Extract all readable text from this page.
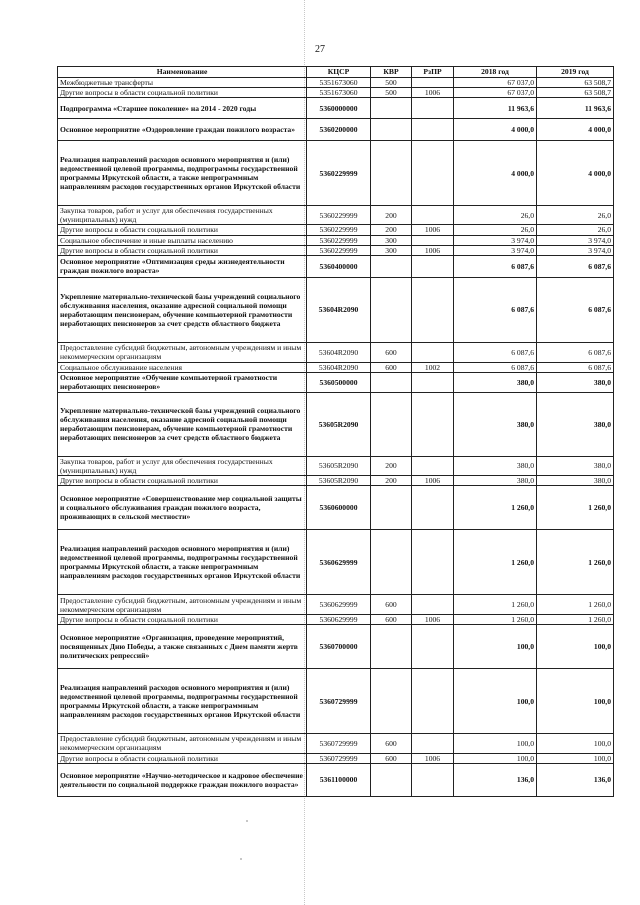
27
Наименование	КЦСР	КВР	РзПР	2018 год	2019 год
Межбюджетные трансферты	5351673060	500		67 037,0	63 508,7
Другие вопросы в области социальной политики	5351673060	500	1006	67 037,0	63 508,7
Подпрограмма «Старшее поколение» на 2014 - 2020 годы	5360000000			11 963,6	11 963,6
Основное мероприятие «Оздоровление граждан пожилого возраста»	5360200000			4 000,0	4 000,0
Реализация направлений расходов основного мероприятия и (или) ведомственной целевой программы, подпрограммы государственной программы Иркутской области, а также непрограммным направлениям расходов государственных органов Иркутской области	5360229999			4 000,0	4 000,0
Закупка товаров, работ и услуг для обеспечения государственных (муниципальных) нужд	5360229999	200		26,0	26,0
Другие вопросы в области социальной политики	5360229999	200	1006	26,0	26,0
Социальное обеспечение и иные выплаты населению	5360229999	300		3 974,0	3 974,0
Другие вопросы в области социальной политики	5360229999	300	1006	3 974,0	3 974,0
Основное мероприятие «Оптимизация среды жизнедеятельности граждан пожилого возраста»	5360400000			6 087,6	6 087,6
Укрепление материально-технической базы учреждений социального обслуживания населения, оказание адресной социальной помощи неработающим пенсионерам, обучение компьютерной грамотности неработающих пенсионеров за счет средств областного бюджета	53604R2090			6 087,6	6 087,6
Предоставление субсидий бюджетным, автономным учреждениям и иным некоммерческим организациям	53604R2090	600		6 087,6	6 087,6
Социальное обслуживание населения	53604R2090	600	1002	6 087,6	6 087,6
Основное мероприятие «Обучение компьютерной грамотности неработающих пенсионеров»	5360500000			380,0	380,0
Укрепление материально-технической базы учреждений социального обслуживания населения, оказание адресной социальной помощи неработающим пенсионерам, обучение компьютерной грамотности неработающих пенсионеров за счет средств областного бюджета	53605R2090			380,0	380,0
Закупка товаров, работ и услуг для обеспечения государственных (муниципальных) нужд	53605R2090	200		380,0	380,0
Другие вопросы в области социальной политики	53605R2090	200	1006	380,0	380,0
Основное мероприятие «Совершенствование мер социальной защиты и социального обслуживания граждан пожилого возраста, проживающих в сельской местности»	5360600000			1 260,0	1 260,0
Реализация направлений расходов основного мероприятия и (или) ведомственной целевой программы, подпрограммы государственной программы Иркутской области, а также непрограммным направлениям расходов государственных органов Иркутской области	5360629999			1 260,0	1 260,0
Предоставление субсидий бюджетным, автономным учреждениям и иным некоммерческим организациям	5360629999	600		1 260,0	1 260,0
Другие вопросы в области социальной политики	5360629999	600	1006	1 260,0	1 260,0
Основное мероприятие «Организация, проведение мероприятий, посвященных Дню Победы, а также связанных с Днем памяти жертв политических репрессий»	5360700000			100,0	100,0
Реализация направлений расходов основного мероприятия и (или) ведомственной целевой программы, подпрограммы государственной программы Иркутской области, а также непрограммным направлениям расходов государственных органов Иркутской области	5360729999			100,0	100,0
Предоставление субсидий бюджетным, автономным учреждениям и иным некоммерческим организациям	5360729999	600		100,0	100,0
Другие вопросы в области социальной политики	5360729999	600	1006	100,0	100,0
Основное мероприятие «Научно-методическое и кадровое обеспечение деятельности по социальной поддержке граждан пожилого возраста»	5361100000			136,0	136,0
